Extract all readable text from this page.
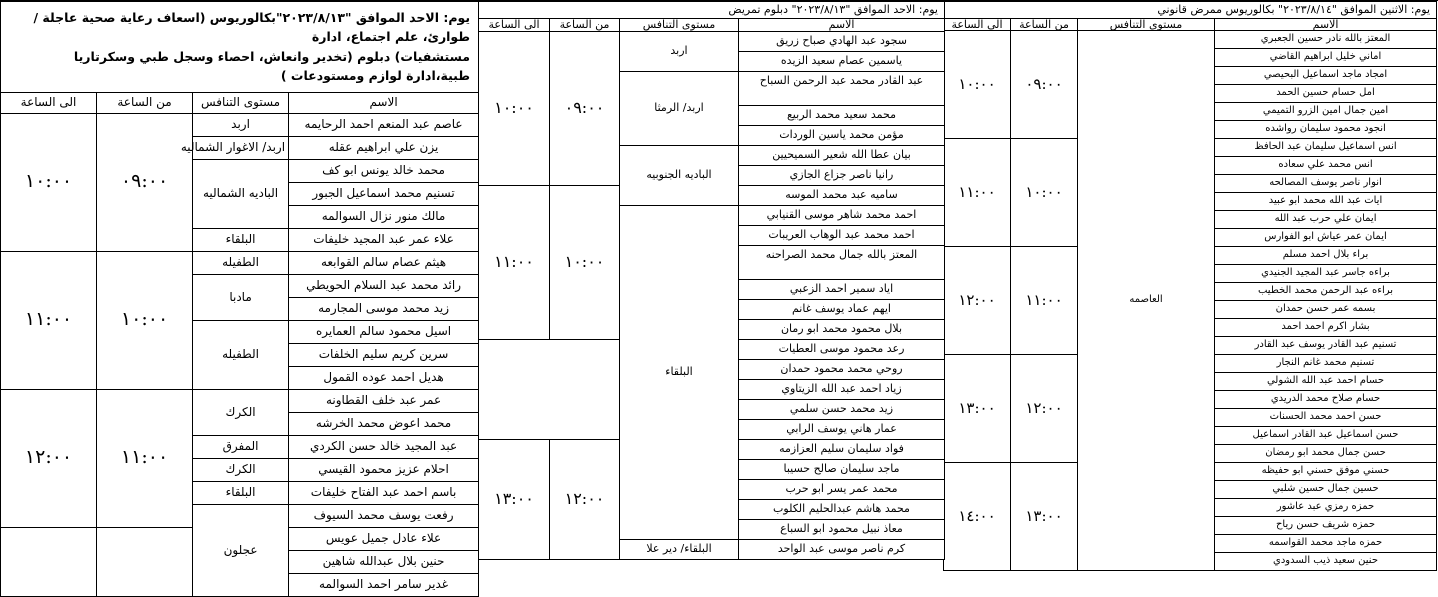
يوم: الاثنين الموافق "٢٠٢٣/٨/١٤" بكالوريوس ممرض قانوني			
الاسم	مستوى التنافس	من الساعة	الى الساعة
المعتز بالله نادر حسين الجعبري	العاصمه	٠٩:٠٠	١٠:٠٠
اماني خليل ابراهيم القاضي			
امجاد ماجد اسماعيل البحيصي			
امل حسام حسين الحمد			
امين جمال امين الزرو التميمي			
انجود محمود سليمان رواشده			
انس اسماعيل سليمان عبد الحافظ		١٠:٠٠	١١:٠٠
انس محمد علي سعاده			
انوار ناصر يوسف المصالحه			
ايات عبد الله محمد ابو عبيد			
ايمان علي حرب عبد الله			
ايمان عمر عياش ابو الفوارس			
براء بلال احمد مسلم		١١:٠٠	١٢:٠٠
براءه جاسر عبد المجيد الجنيدي			
براءه عبد الرحمن محمد الخطيب			
بسمه عمر حسن حمدان			
بشار اكرم احمد احمد			
تسنيم عبد القادر يوسف عبد القادر			
تسنيم محمد غانم النجار		١٢:٠٠	١٣:٠٠
حسام احمد عبد الله الشولي			
حسام صلاح محمد الدريدي			
حسن احمد محمد الحسنات			
حسن اسماعيل عبد القادر اسماعيل			
حسن جمال محمد ابو رمضان			
حسني موفق حسني ابو حفيظه		١٣:٠٠	١٤:٠٠
حسين جمال حسين شلبي			
حمزه رمزي عبد عاشور			
حمزه شريف حسن رياح			
حمزه ماجد محمد القواسمه			
حنين سعيد ذيب السدودي			
يوم: الاحد الموافق "٢٠٢٣/٨/١٣" دبلوم تمريض				
الاسم	مستوى التنافس	من الساعة	الى الساعة	
سجود عبد الهادي صباح زريق	اربد	٠٩:٠٠	١٠:٠٠	
ياسمين عصام سعيد الزيده				
عبد القادر محمد عبد الرحمن السباح	اربد/ الرمثا			
محمد سعيد محمد الربيع				
مؤمن محمد ياسين الوردات				
بيان عطا الله شعير السميحيين	الباديه الجنوبيه			
رانيا ناصر جزاع الجازي				
ساميه عبد محمد الموسه		١٠:٠٠	١١:٠٠	
احمد محمد شاهر موسى القنيابي	البلقاء			
احمد محمد عبد الوهاب العريبات				
المعتز بالله جمال محمد الصراحنه				
اياد سمير احمد الزعبي				
ايهم عماد يوسف غانم				
بلال محمود محمد ابو رمان		
رعد محمود موسى العطيات				
روحي محمد محمود حمدان				
زياد احمد عبد الله الزيتاوي				
زيد محمد حسن سلمي				
عمار هاني يوسف الرابي				
فواد سليمان سليم العزازمه		١٢:٠٠	١٣:٠٠	
ماجد سليمان صالح حسيبا				
محمد عمر يسر ابو حرب				
محمد هاشم عبدالحليم الكلوب				
معاذ نبيل محمود ابو السباع				
كرم ناصر موسى عبد الواحد	البلقاء/ دير علا			
يوم: الاحد الموافق "٢٠٢٣/٨/١٣"بكالوريوس (اسعاف رعاية صحية عاجلة / طوارئ، علم اجتماع، ادارة
مستشفيات) دبلوم (تخدير وانعاش، احصاء وسجل طبي وسكرتاريا طبية،ادارة لوازم ومستودعات )			

الاسم	مستوى التنافس	من الساعة	الى الساعة
عاصم عبد المنعم احمد الرحايمه	اربد	٠٩:٠٠	١٠:٠٠
يزن علي ابراهيم عقله	اربد/ الاغوار الشماليه		
محمد خالد يونس ابو كف	الباديه الشماليه		
تسنيم محمد اسماعيل الجبور			
مالك منور نزال السوالمه			
علاء عمر عبد المجيد خليفات	البلقاء		
هيثم عصام سالم القوابعه	الطفيله	١٠:٠٠	١١:٠٠
رائد محمد عبد السلام الحويطي	مادبا		
زيد محمد موسى المجارمه			
اسيل محمود سالم العمايره	الطفيله		
سرين كريم سليم الخلفات			
هديل احمد عوده القمول			
عمر عبد خلف القطاونه	الكرك	١١:٠٠	١٢:٠٠
محمد اعوض محمد الخرشه			
عبد المجيد خالد حسن الكردي	المفرق		
احلام عزيز محمود القيسي	الكرك		
باسم احمد عبد الفتاح خليفات	البلقاء		
رفعت يوسف محمد السيوف	عجلون		
علاء عادل جميل عويس			
حنين بلال عبدالله شاهين			
غدير سامر احمد السوالمه			
